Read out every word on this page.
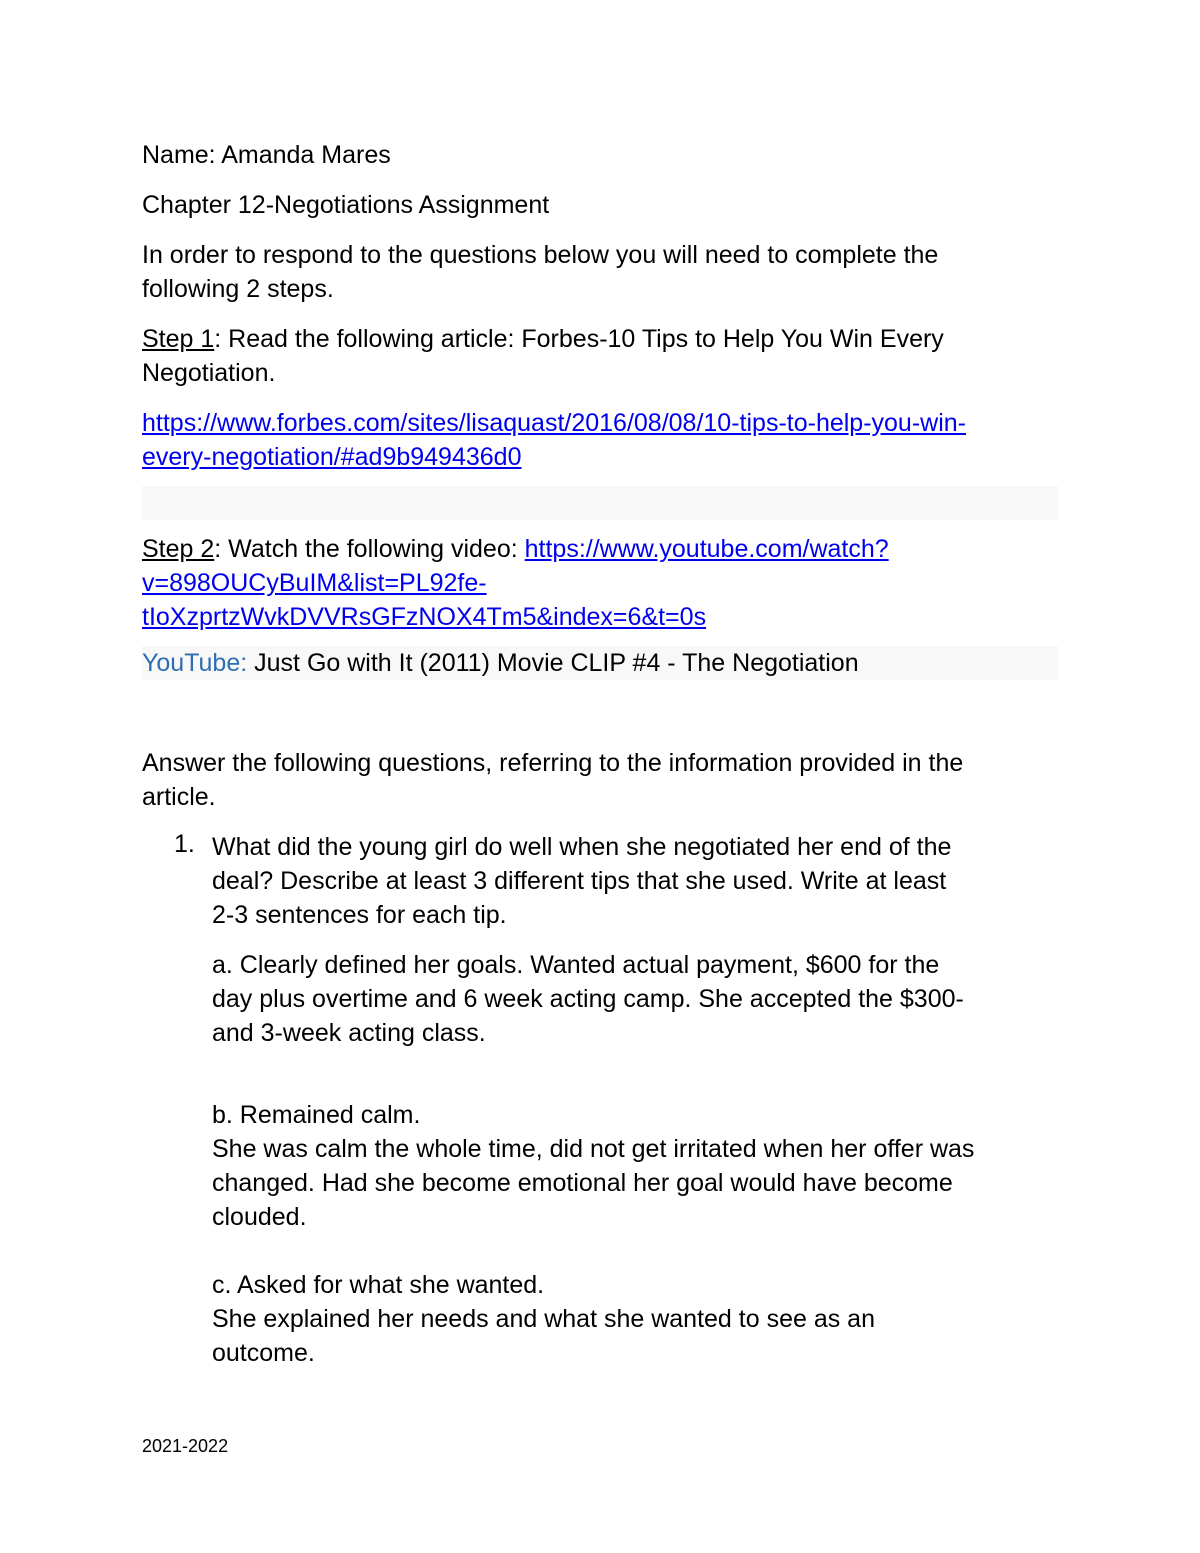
Name: Amanda Mares

Chapter 12-Negotiations Assignment

In order to respond to the questions below you will need to complete the

following 2 steps.

Step 1: Read the following article: Forbes-10 Tips to Help You Win Every

Negotiation.

https://www.forbes.com/sites/lisaquast/2016/08/08/10-tips-to-help-you-win-

every-negotiation/#ad9b949436d0

Step 2: Watch the following video: https://www.youtube.com/watch?

v=898OUCyBuIM&list=PL92fe-

tIoXzprtzWvkDVVRsGFzNOX4Tm5&index=6&t=0s

YouTube: Just Go with It (2011) Movie CLIP #4 - The Negotiation

Answer the following questions, referring to the information provided in the

article.

1. What did the young girl do well when she negotiated her end of the

deal? Describe at least 3 different tips that she used. Write at least

2-3 sentences for each tip.

a. Clearly defined her goals. Wanted actual payment, $600 for the

day plus overtime and 6 week acting camp. She accepted the $300-

and 3-week acting class.

b. Remained calm.

She was calm the whole time, did not get irritated when her offer was

changed. Had she become emotional her goal would have become

clouded.

c. Asked for what she wanted.

She explained her needs and what she wanted to see as an

outcome.

2021-2022
